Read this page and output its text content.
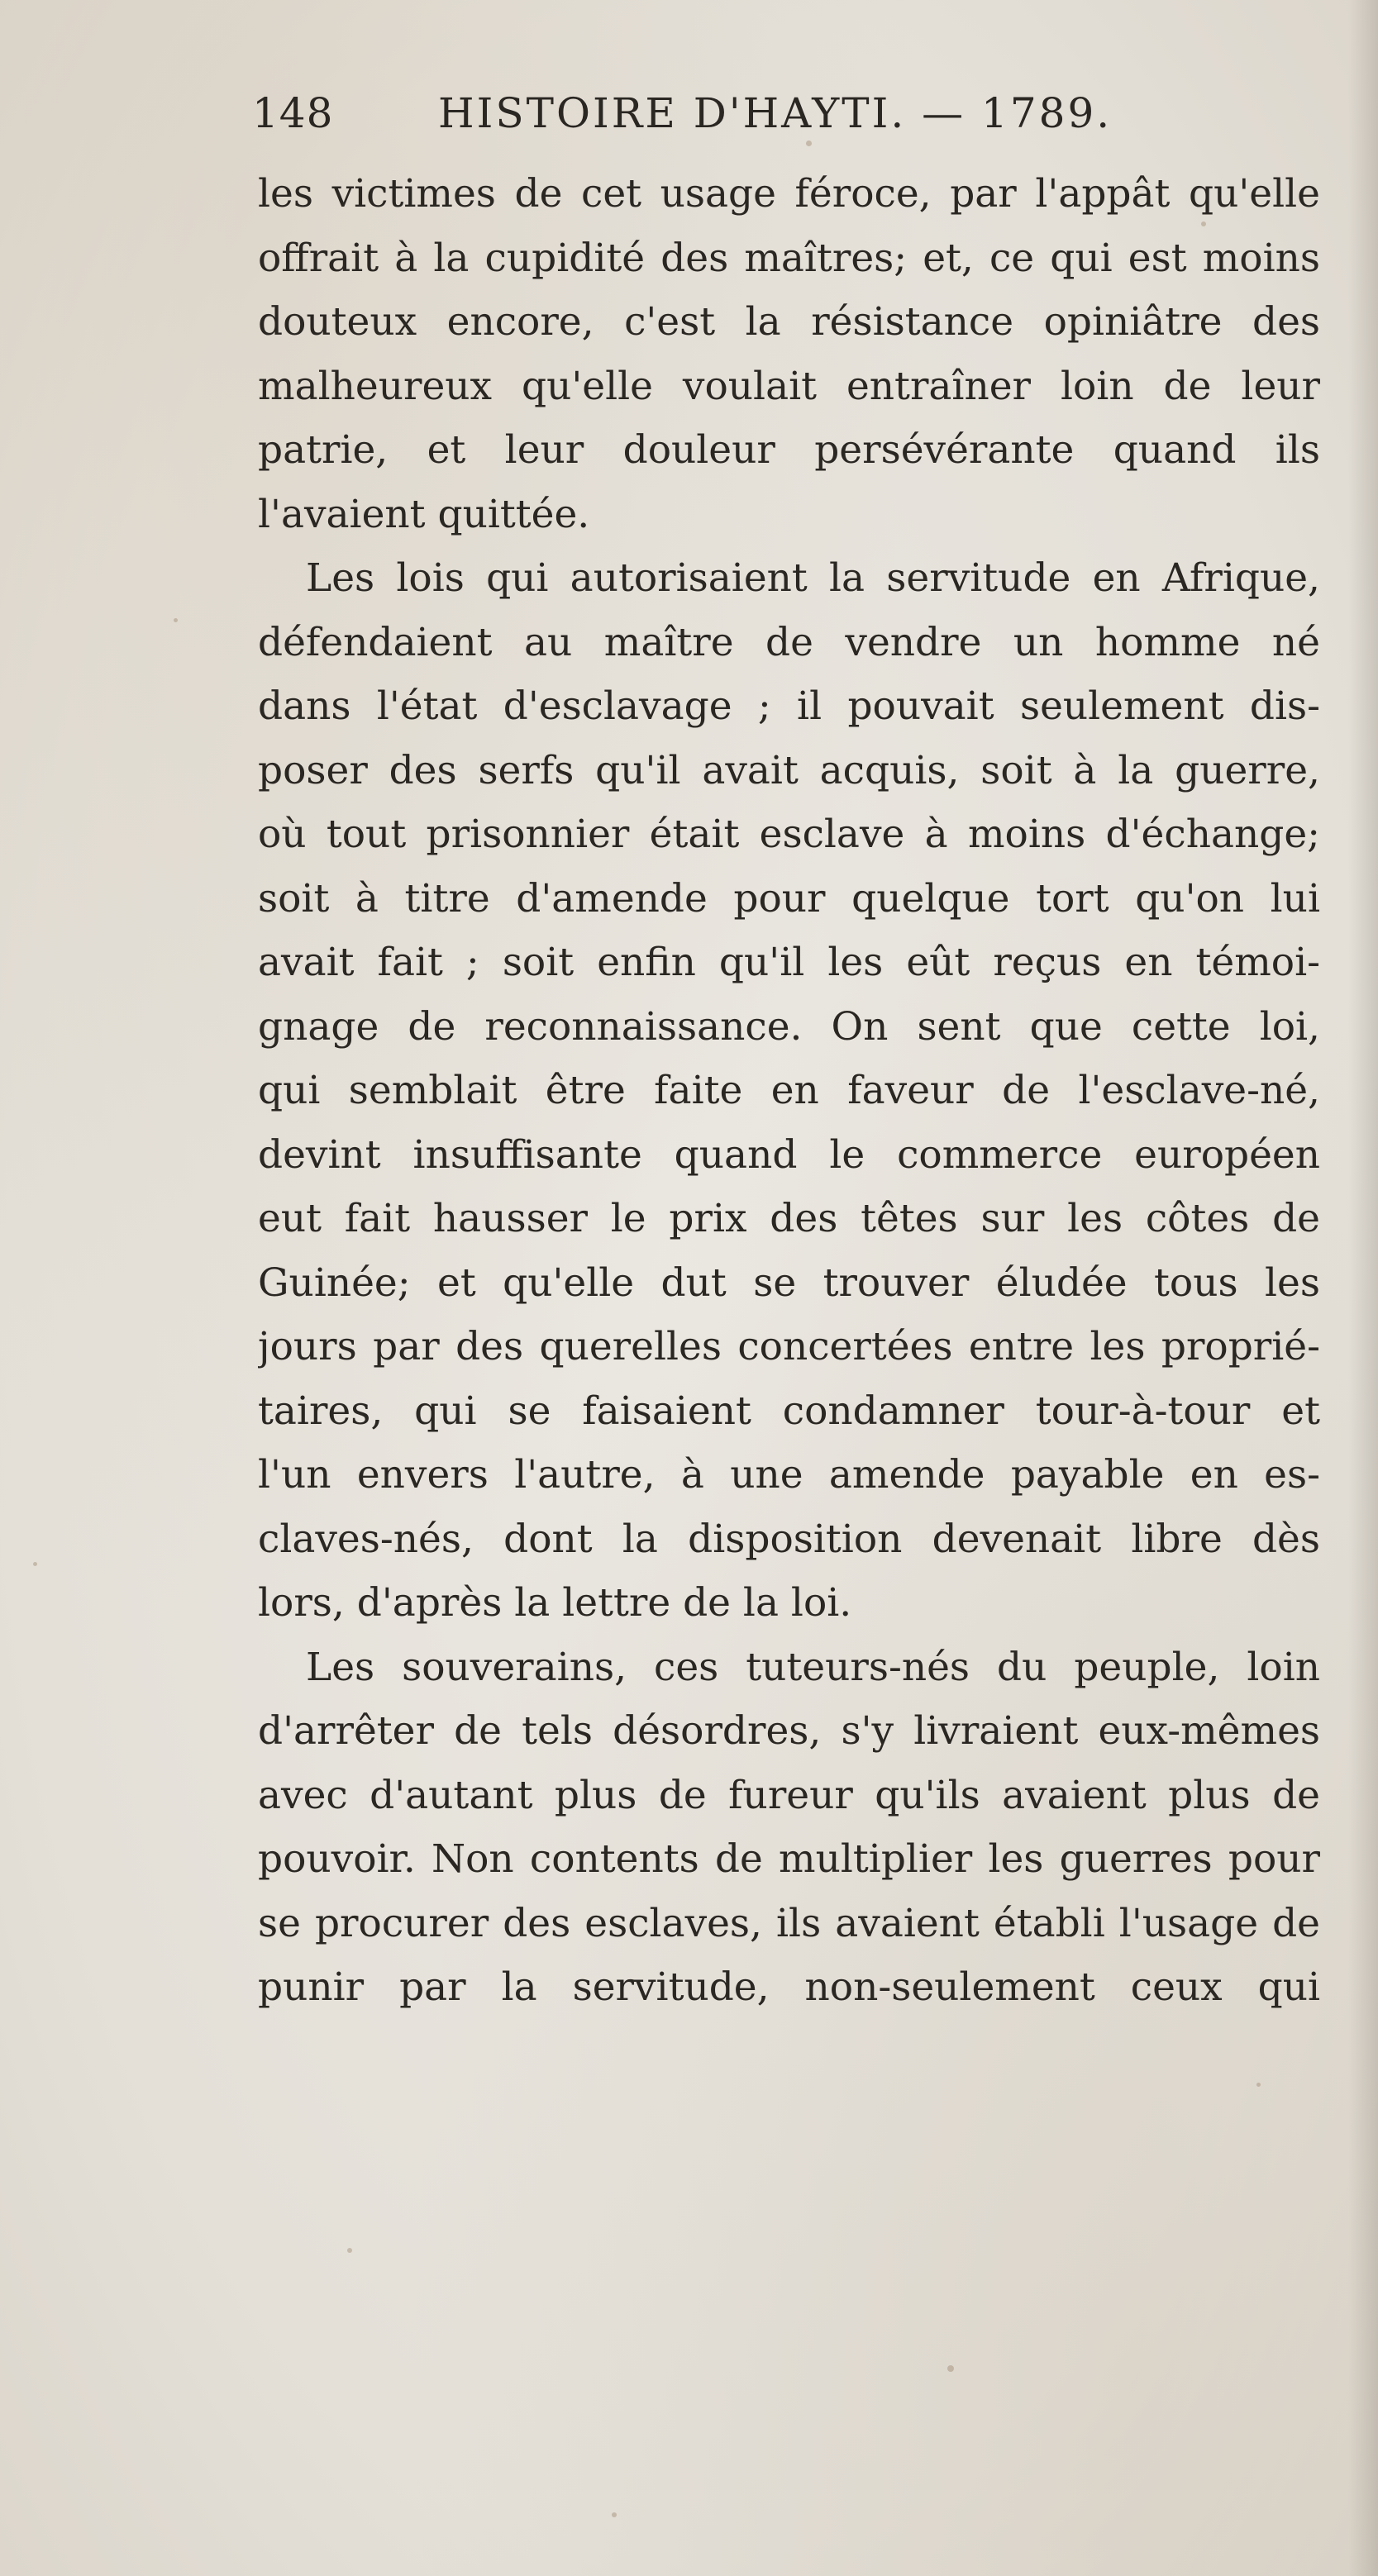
148	HISTOIRE D'HAYTI. — 1789.
les victimes de cet usage féroce, par l'appât qu'elle
offrait à la cupidité des maîtres; et, ce qui est moins
douteux encore, c'est la résistance opiniâtre des
malheureux qu'elle voulait entraîner loin de leur
patrie, et leur douleur persévérante quand ils
l'avaient quittée.
Les lois qui autorisaient la servitude en Afrique,
défendaient au maître de vendre un homme né
dans l'état d'esclavage ; il pouvait seulement dis-
poser des serfs qu'il avait acquis, soit à la guerre,
où tout prisonnier était esclave à moins d'échange;
soit à titre d'amende pour quelque tort qu'on lui
avait fait ; soit enfin qu'il les eût reçus en témoi-
gnage de reconnaissance. On sent que cette loi,
qui semblait être faite en faveur de l'esclave-né,
devint insuffisante quand le commerce européen
eut fait hausser le prix des têtes sur les côtes de
Guinée; et qu'elle dut se trouver éludée tous les
jours par des querelles concertées entre les proprié-
taires, qui se faisaient condamner tour-à-tour et
l'un envers l'autre, à une amende payable en es-
claves-nés, dont la disposition devenait libre dès
lors, d'après la lettre de la loi.
Les souverains, ces tuteurs-nés du peuple, loin
d'arrêter de tels désordres, s'y livraient eux-mêmes
avec d'autant plus de fureur qu'ils avaient plus de
pouvoir. Non contents de multiplier les guerres pour
se procurer des esclaves, ils avaient établi l'usage de
punir par la servitude, non-seulement ceux qui
